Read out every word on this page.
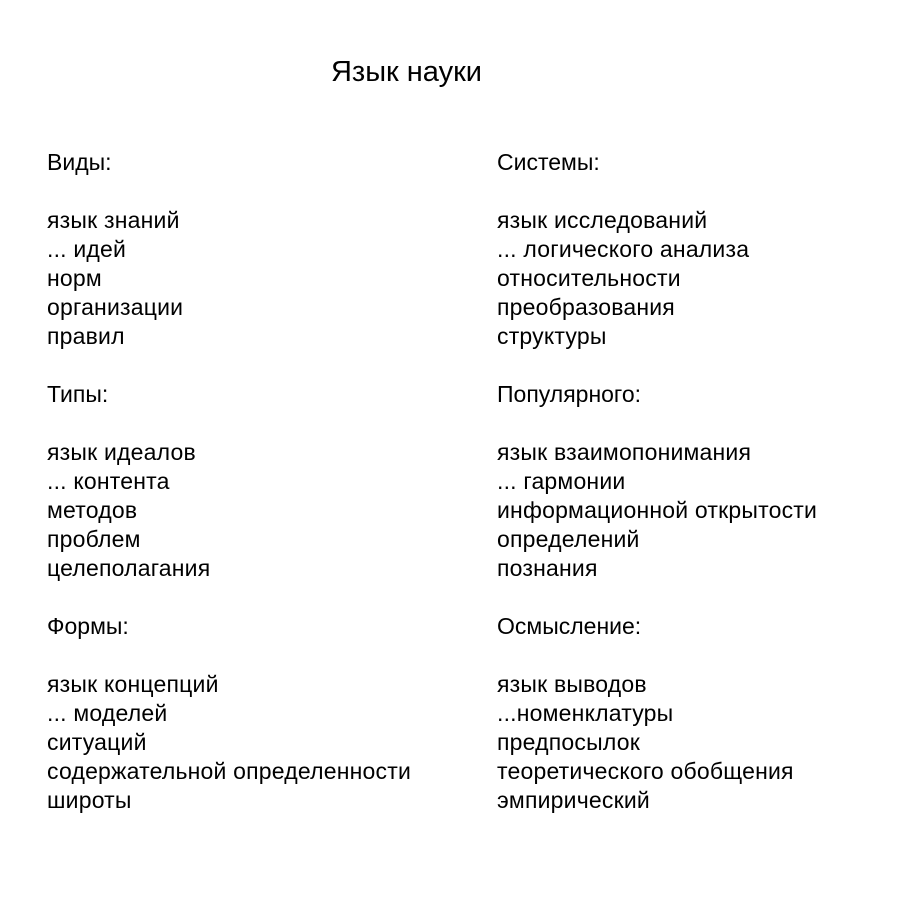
Язык науки
Виды:
язык знаний
... идей
норм
организации
правил
Типы:
язык идеалов
... контента
методов
проблем
целеполагания
Формы:
язык концепций
... моделей
ситуаций
содержательной определенности
широты
Системы:
язык исследований
... логического анализа
относительности
преобразования
структуры
Популярного:
язык взаимопонимания
... гармонии
информационной открытости
определений
познания
Осмысление:
язык выводов
...номенклатуры
предпосылок
теоретического обобщения
эмпирический
